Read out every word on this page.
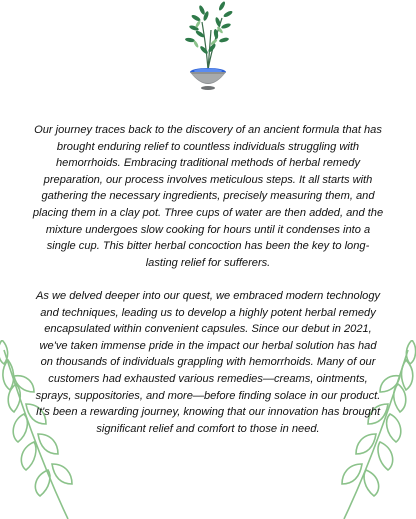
Our journey traces back to the discovery of an ancient formula that has brought enduring relief to countless individuals struggling with hemorrhoids. Embracing traditional methods of herbal remedy preparation, our process involves meticulous steps. It all starts with gathering the necessary ingredients, precisely measuring them, and placing them in a clay pot. Three cups of water are then added, and the mixture undergoes slow cooking for hours until it condenses into a single cup. This bitter herbal concoction has been the key to long-lasting relief for sufferers.

As we delved deeper into our quest, we embraced modern technology and techniques, leading us to develop a highly potent herbal remedy encapsulated within convenient capsules. Since our debut in 2021, we've taken immense pride in the impact our herbal solution has had on thousands of individuals grappling with hemorrhoids. Many of our customers had exhausted various remedies—creams, ointments, sprays, suppositories, and more—before finding solace in our product. It's been a rewarding journey, knowing that our innovation has brought significant relief and comfort to those in need.
